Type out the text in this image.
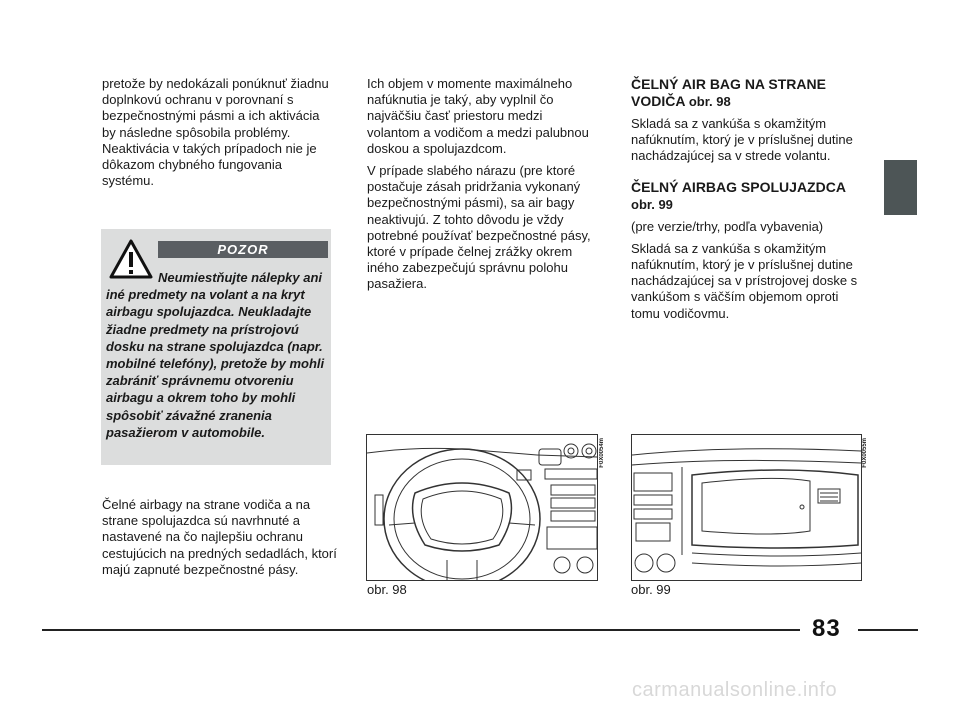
pretože by nedokázali ponúknuť žiadnu doplnkovú ochranu v porovnaní s bezpečnostnými pásmi a ich aktivácia by následne spôsobila problémy.

Neaktivácia v takých prípadoch nie je dôkazom chybného fungovania systému.

POZOR
Neumiestňujte nálepky ani iné predmety na volant a na kryt airbagu spolujazdca. Neukladajte žiadne predmety na prístrojovú dosku na strane spolujazdca (napr. mobilné telefóny), pretože by mohli zabrániť správnemu otvoreniu airbagu a okrem toho by mohli spôsobiť závažné zranenia pasažierom v automobile.

Čelné airbagy na strane vodiča a na strane spolujazdca sú navrhnuté a nastavené na čo najlepšiu ochranu cestujúcich na predných sedadlách, ktorí majú zapnuté bezpečnostné pásy.

Ich objem v momente maximálneho nafúknutia je taký, aby vyplnil čo najväčšiu časť priestoru medzi volantom a vodičom a medzi palubnou doskou a spolujazdcom.

V prípade slabého nárazu (pre ktoré postačuje zásah pridržania vykonaný bezpečnostnými pásmi), sa air bagy neaktivujú. Z tohto dôvodu je vždy potrebné používať bezpečnostné pásy, ktoré v prípade čelnej zrážky okrem iného zabezpečujú správnu polohu pasažiera.

ČELNÝ AIR BAG NA STRANE VODIČA obr. 98

Skladá sa z vankúša s okamžitým nafúknutím, ktorý je v príslušnej dutine nachádzajúcej sa v strede volantu.

ČELNÝ AIRBAG SPOLUJAZDCA obr. 99

(pre verzie/trhy, podľa vybavenia)

Skladá sa z vankúša s okamžitým nafúknutím, ktorý je v príslušnej dutine nachádzajúcej sa v prístrojovej doske s vankúšom s väčším objemom oproti tomu vodičovmu.

F0X0054m
obr. 98
F0X0055m
obr. 99
83
carmanualsonline.info
